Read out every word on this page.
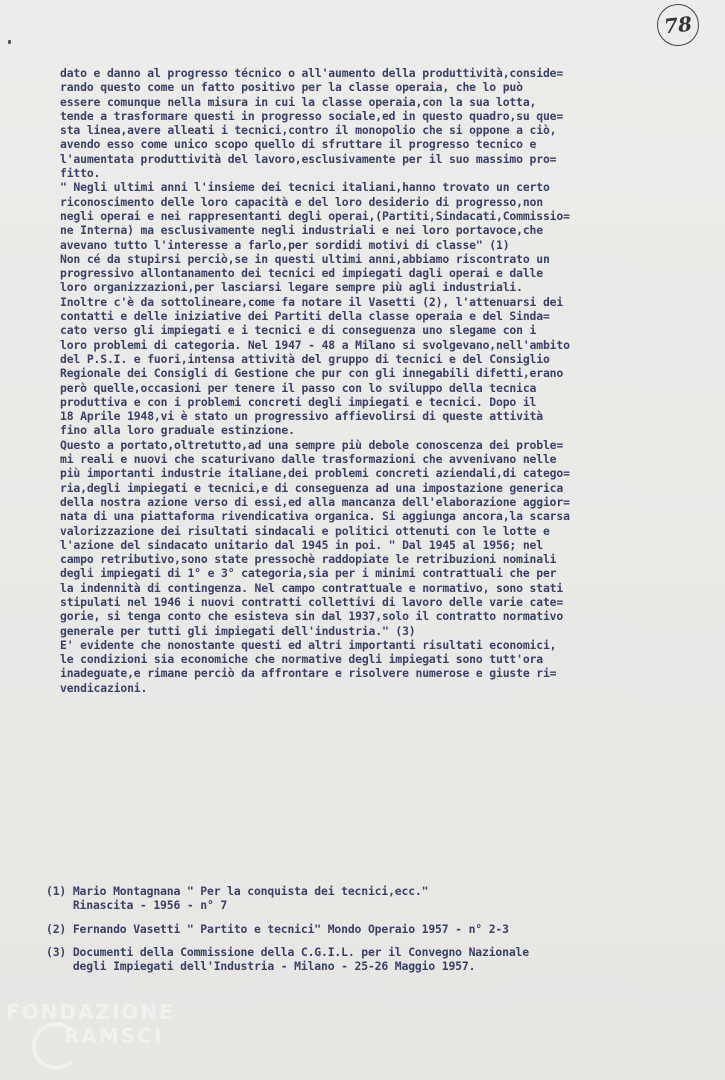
78
dato e danno al progresso técnico o all'aumento della produttività,conside=
rando questo come un fatto positivo per la classe operaia, che lo può
essere comunque nella misura in cui la classe operaia,con la sua lotta,
tende a trasformare questi in progresso sociale,ed in questo quadro,su que=
sta linea,avere alleati i tecnici,contro il monopolio che si oppone a ciò,
avendo esso come unico scopo quello di sfruttare il progresso tecnico e
l'aumentata produttività del lavoro,esclusivamente per il suo massimo pro=
fitto.
" Negli ultimi anni l'insieme dei tecnici italiani,hanno trovato un certo
riconoscimento delle loro capacità e del loro desiderio di progresso,non
negli operai e nei rappresentanti degli operai,(Partiti,Sindacati,Commissio=
ne Interna) ma esclusivamente negli industriali e nei loro portavoce,che
avevano tutto l'interesse a farlo,per sordidi motivi di classe" (1)
Non cé da stupirsi perciò,se in questi ultimi anni,abbiamo riscontrato un
progressivo allontanamento dei tecnici ed impiegati dagli operai e dalle
loro organizzazioni,per lasciarsi legare sempre più agli industriali.
Inoltre c'è da sottolineare,come fa notare il Vasetti (2), l'attenuarsi dei
contatti e delle iniziative dei Partiti della classe operaia e del Sinda=
cato verso gli impiegati e i tecnici e di conseguenza uno slegame con i
loro problemi di categoria. Nel 1947 - 48 a Milano si svolgevano,nell'ambito
del P.S.I. e fuori,intensa attività del gruppo di tecnici e del Consiglio
Regionale dei Consigli di Gestione che pur con gli innegabili difetti,erano
però quelle,occasioni per tenere il passo con lo sviluppo della tecnica
produttiva e con i problemi concreti degli impiegati e tecnici. Dopo il
18 Aprile 1948,vi è stato un progressivo affievolirsi di queste attività
fino alla loro graduale estinzione.
Questo a portato,oltretutto,ad una sempre più debole conoscenza dei proble=
mi reali e nuovi che scaturivano dalle trasformazioni che avvenivano nelle
più importanti industrie italiane,dei problemi concreti aziendali,di catego=
ria,degli impiegati e tecnici,e di conseguenza ad una impostazione generica
della nostra azione verso di essi,ed alla mancanza dell'elaborazione aggior=
nata di una piattaforma rivendicativa organica. Si aggiunga ancora,la scarsa
valorizzazione dei risultati sindacali e politici ottenuti con le lotte e
l'azione del sindacato unitario dal 1945 in poi. " Dal 1945 al 1956; nel
campo retributivo,sono state pressochè raddopiate le retribuzioni nominali
degli impiegati di 1° e 3° categoria,sia per i minimi contrattuali che per
la indennità di contingenza. Nel campo contrattuale e normativo, sono stati
stipulati nel 1946 i nuovi contratti collettivi di lavoro delle varie cate=
gorie, si tenga conto che esisteva sin dal 1937,solo il contratto normativo
generale per tutti gli impiegati dell'industria." (3)
E' evidente che nonostante questi ed altri importanti risultati economici,
le condizioni sia economiche che normative degli impiegati sono tutt'ora
inadeguate,e rimane perciò da affrontare e risolvere numerose e giuste ri=
vendicazioni.
(1) Mario Montagnana " Per la conquista dei tecnici,ecc."
Rinascita - 1956 - n° 7
(2) Fernando Vasetti " Partito e tecnici" Mondo Operaio 1957 - n° 2-3
(3) Documenti della Commissione della C.G.I.L. per il Convegno Nazionale
degli Impiegati dell'Industria - Milano - 25-26 Maggio 1957.
FONDAZIONE
RAMSCI
